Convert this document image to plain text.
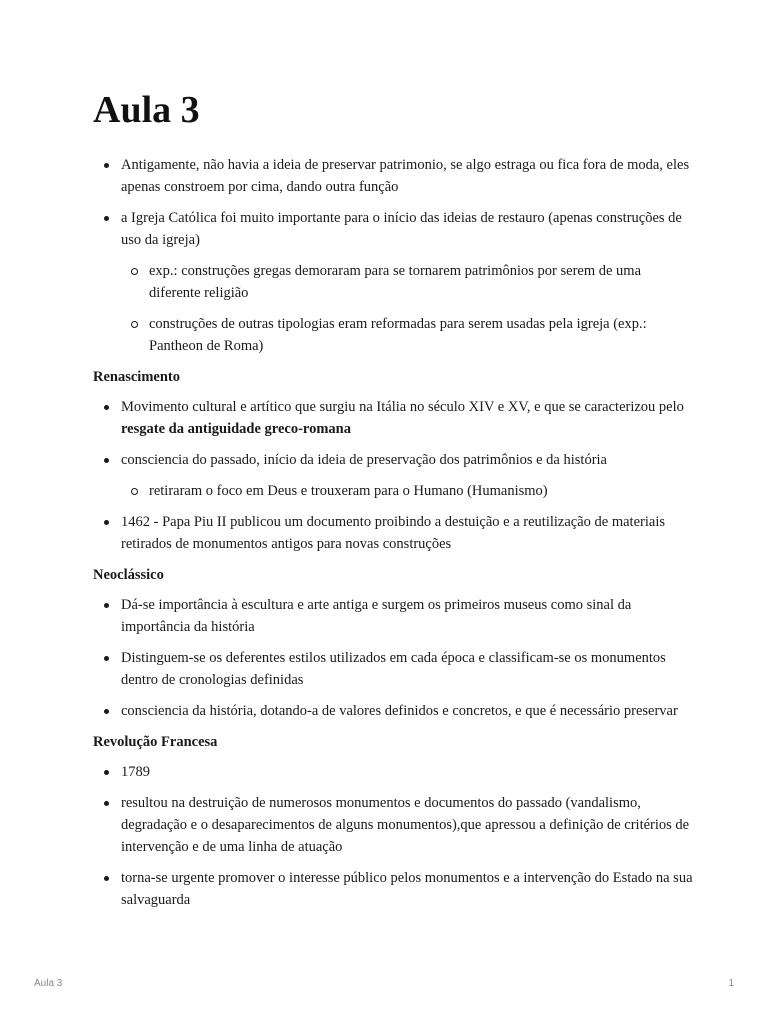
Aula 3
Antigamente, não havia a ideia de preservar patrimonio, se algo estraga ou fica fora de moda, eles apenas constroem por cima, dando outra função
a Igreja Católica foi muito importante para o início das ideias de restauro (apenas construções de uso da igreja)
exp.: construções gregas demoraram para se tornarem patrimônios por serem de uma diferente religião
construções de outras tipologias eram reformadas para serem usadas pela igreja (exp.: Pantheon de Roma)
Renascimento
Movimento cultural e artítico que surgiu na Itália no século XIV e XV, e que se caracterizou pelo resgate da antiguidade greco-romana
consciencia do passado, início da ideia de preservação dos patrimônios e da história
retiraram o foco em Deus e trouxeram para o Humano (Humanismo)
1462 - Papa Piu II publicou um documento proibindo a destuição e a reutilização de materiais retirados de monumentos antigos para novas construções
Neoclássico
Dá-se importância à escultura e arte antiga e surgem os primeiros museus como sinal da importância da história
Distinguem-se os deferentes estilos utilizados em cada época e classificam-se os monumentos dentro de cronologias definidas
consciencia da história, dotando-a de valores definidos e concretos, e que é necessário preservar
Revolução Francesa
1789
resultou na destruição de numerosos monumentos e documentos do passado (vandalismo, degradação e o desaparecimentos de alguns monumentos),que apressou a definição de critérios de intervenção e de uma linha de atuação
torna-se urgente promover o interesse público pelos monumentos e a intervenção do Estado na sua salvaguarda
Aula 3	1
